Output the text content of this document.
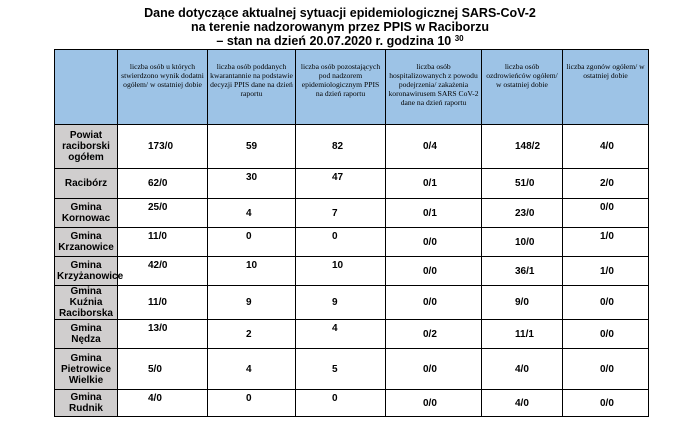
Dane dotyczące aktualnej sytuacji epidemiologicznej SARS-CoV-2
na terenie nadzorowanym przez PPIS w Raciborzu
– stan na dzień 20.07.2020 r. godzina 10 $^{30}$
	liczba osób u których stwierdzono wynik dodatni ogółem/ w ostatniej dobie	liczba osób poddanych kwarantannie na podstawie decyzji PPIS dane na dzień raportu	liczba osób pozostających pod nadzorem epidemiologicznym PPIS na dzień raportu	liczba osób hospitalizowanych z powodu podejrzenia/ zakażenia koronawirusem SARS CoV-2 dane na dzień raportu	liczba osób ozdrowieńców ogółem/ w ostatniej dobie	liczba zgonów ogółem/ w ostatniej dobie
Powiat raciborski ogółem	173/0	59	82	0/4	148/2	4/0
Racibórz	62/0	30	47	0/1	51/0	2/0
Gmina Kornowac	25/0	4	7	0/1	23/0	0/0
Gmina Krzanowice	11/0	0	0	0/0	10/0	1/0
Gmina Krzyżanowice	42/0	10	10	0/0	36/1	1/0
Gmina Kuźnia Raciborska	11/0	9	9	0/0	9/0	0/0
Gmina Nędza	13/0	2	4	0/2	11/1	0/0
Gmina Pietrowice Wielkie	5/0	4	5	0/0	4/0	0/0
Gmina Rudnik	4/0	0	0	0/0	4/0	0/0
